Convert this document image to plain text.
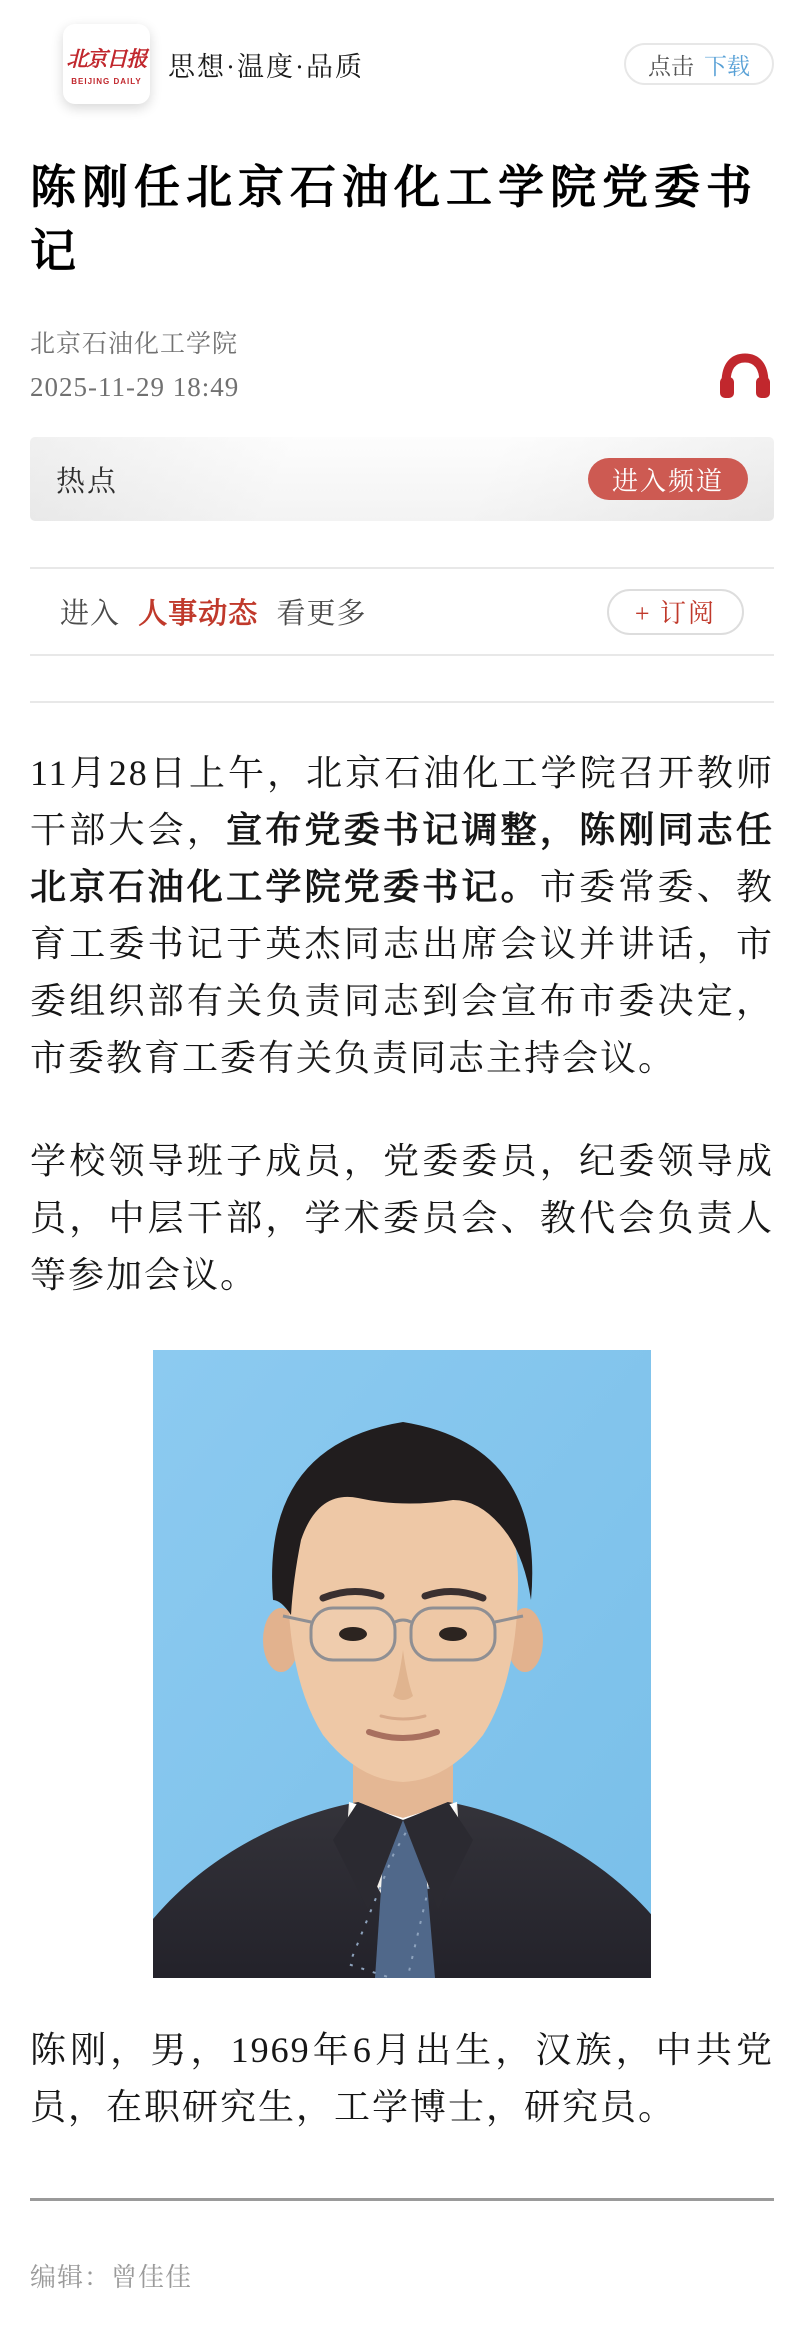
北京日报
BEIJING DAILY 思想·温度·品质	点击 下载
陈刚任北京石油化工学院党委书记
北京石油化工学院
2025-11-29 18:49
热点	进入频道
进入 人事动态 看更多	+ 订阅

11月28日上午，北京石油化工学院召开教师干部大会，宣布党委书记调整，陈刚同志任北京石油化工学院党委书记。市委常委、教育工委书记于英杰同志出席会议并讲话，市委组织部有关负责同志到会宣布市委决定，市委教育工委有关负责同志主持会议。

学校领导班子成员，党委委员，纪委领导成员，中层干部，学术委员会、教代会负责人等参加会议。

陈刚，男，1969年6月出生，汉族，中共党员，在职研究生，工学博士，研究员。

编辑：曾佳佳
